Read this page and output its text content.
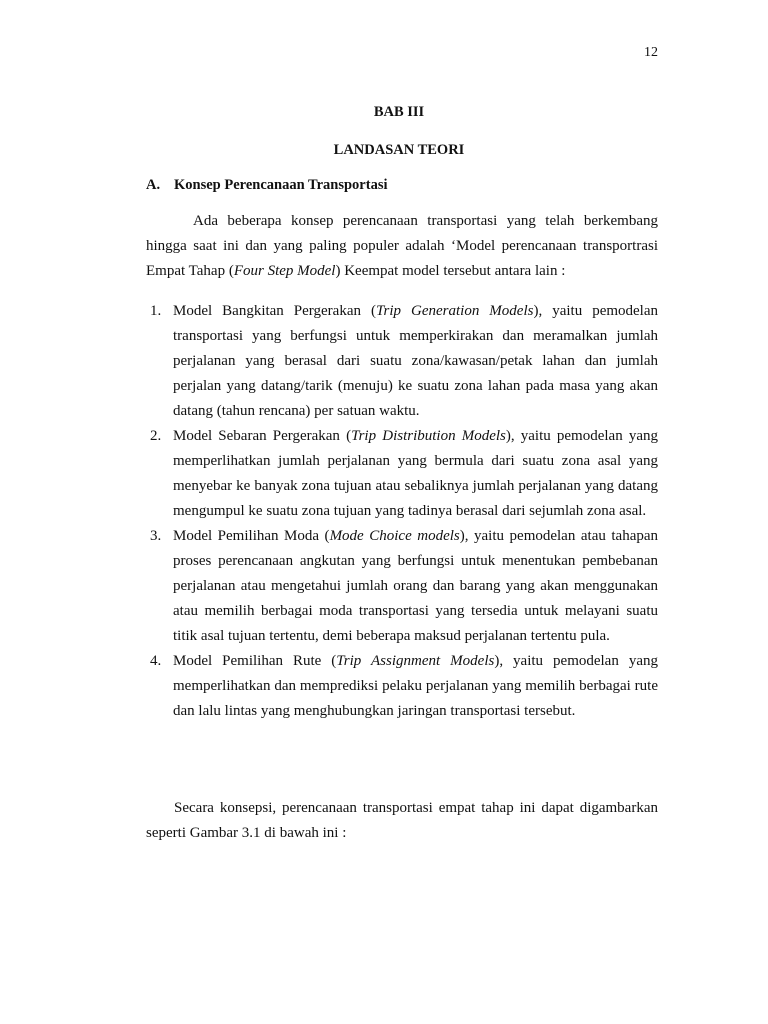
12
BAB III
LANDASAN TEORI
A. Konsep Perencanaan Transportasi

Ada beberapa konsep perencanaan transportasi yang telah berkembang hingga saat ini dan yang paling populer adalah ‘Model perencanaan transportrasi Empat Tahap (Four Step Model) Keempat model tersebut antara lain :

1. Model Bangkitan Pergerakan (Trip Generation Models), yaitu pemodelan transportasi yang berfungsi untuk memperkirakan dan meramalkan jumlah perjalanan yang berasal dari suatu zona/kawasan/petak lahan dan jumlah perjalan yang datang/tarik (menuju) ke suatu zona lahan pada masa yang akan datang (tahun rencana) per satuan waktu.
2. Model Sebaran Pergerakan (Trip Distribution Models), yaitu pemodelan yang memperlihatkan jumlah perjalanan yang bermula dari suatu zona asal yang menyebar ke banyak zona tujuan atau sebaliknya jumlah perjalanan yang datang mengumpul ke suatu zona tujuan yang tadinya berasal dari sejumlah zona asal.
3. Model Pemilihan Moda (Mode Choice models), yaitu pemodelan atau tahapan proses perencanaan angkutan yang berfungsi untuk menentukan pembebanan perjalanan atau mengetahui jumlah orang dan barang yang akan menggunakan atau memilih berbagai moda transportasi yang tersedia untuk melayani suatu titik asal tujuan tertentu, demi beberapa maksud perjalanan tertentu pula.
4. Model Pemilihan Rute (Trip Assignment Models), yaitu pemodelan yang memperlihatkan dan memprediksi pelaku perjalanan yang memilih berbagai rute dan lalu lintas yang menghubungkan jaringan transportasi tersebut.

Secara konsepsi, perencanaan transportasi empat tahap ini dapat digambarkan seperti Gambar 3.1 di bawah ini :
